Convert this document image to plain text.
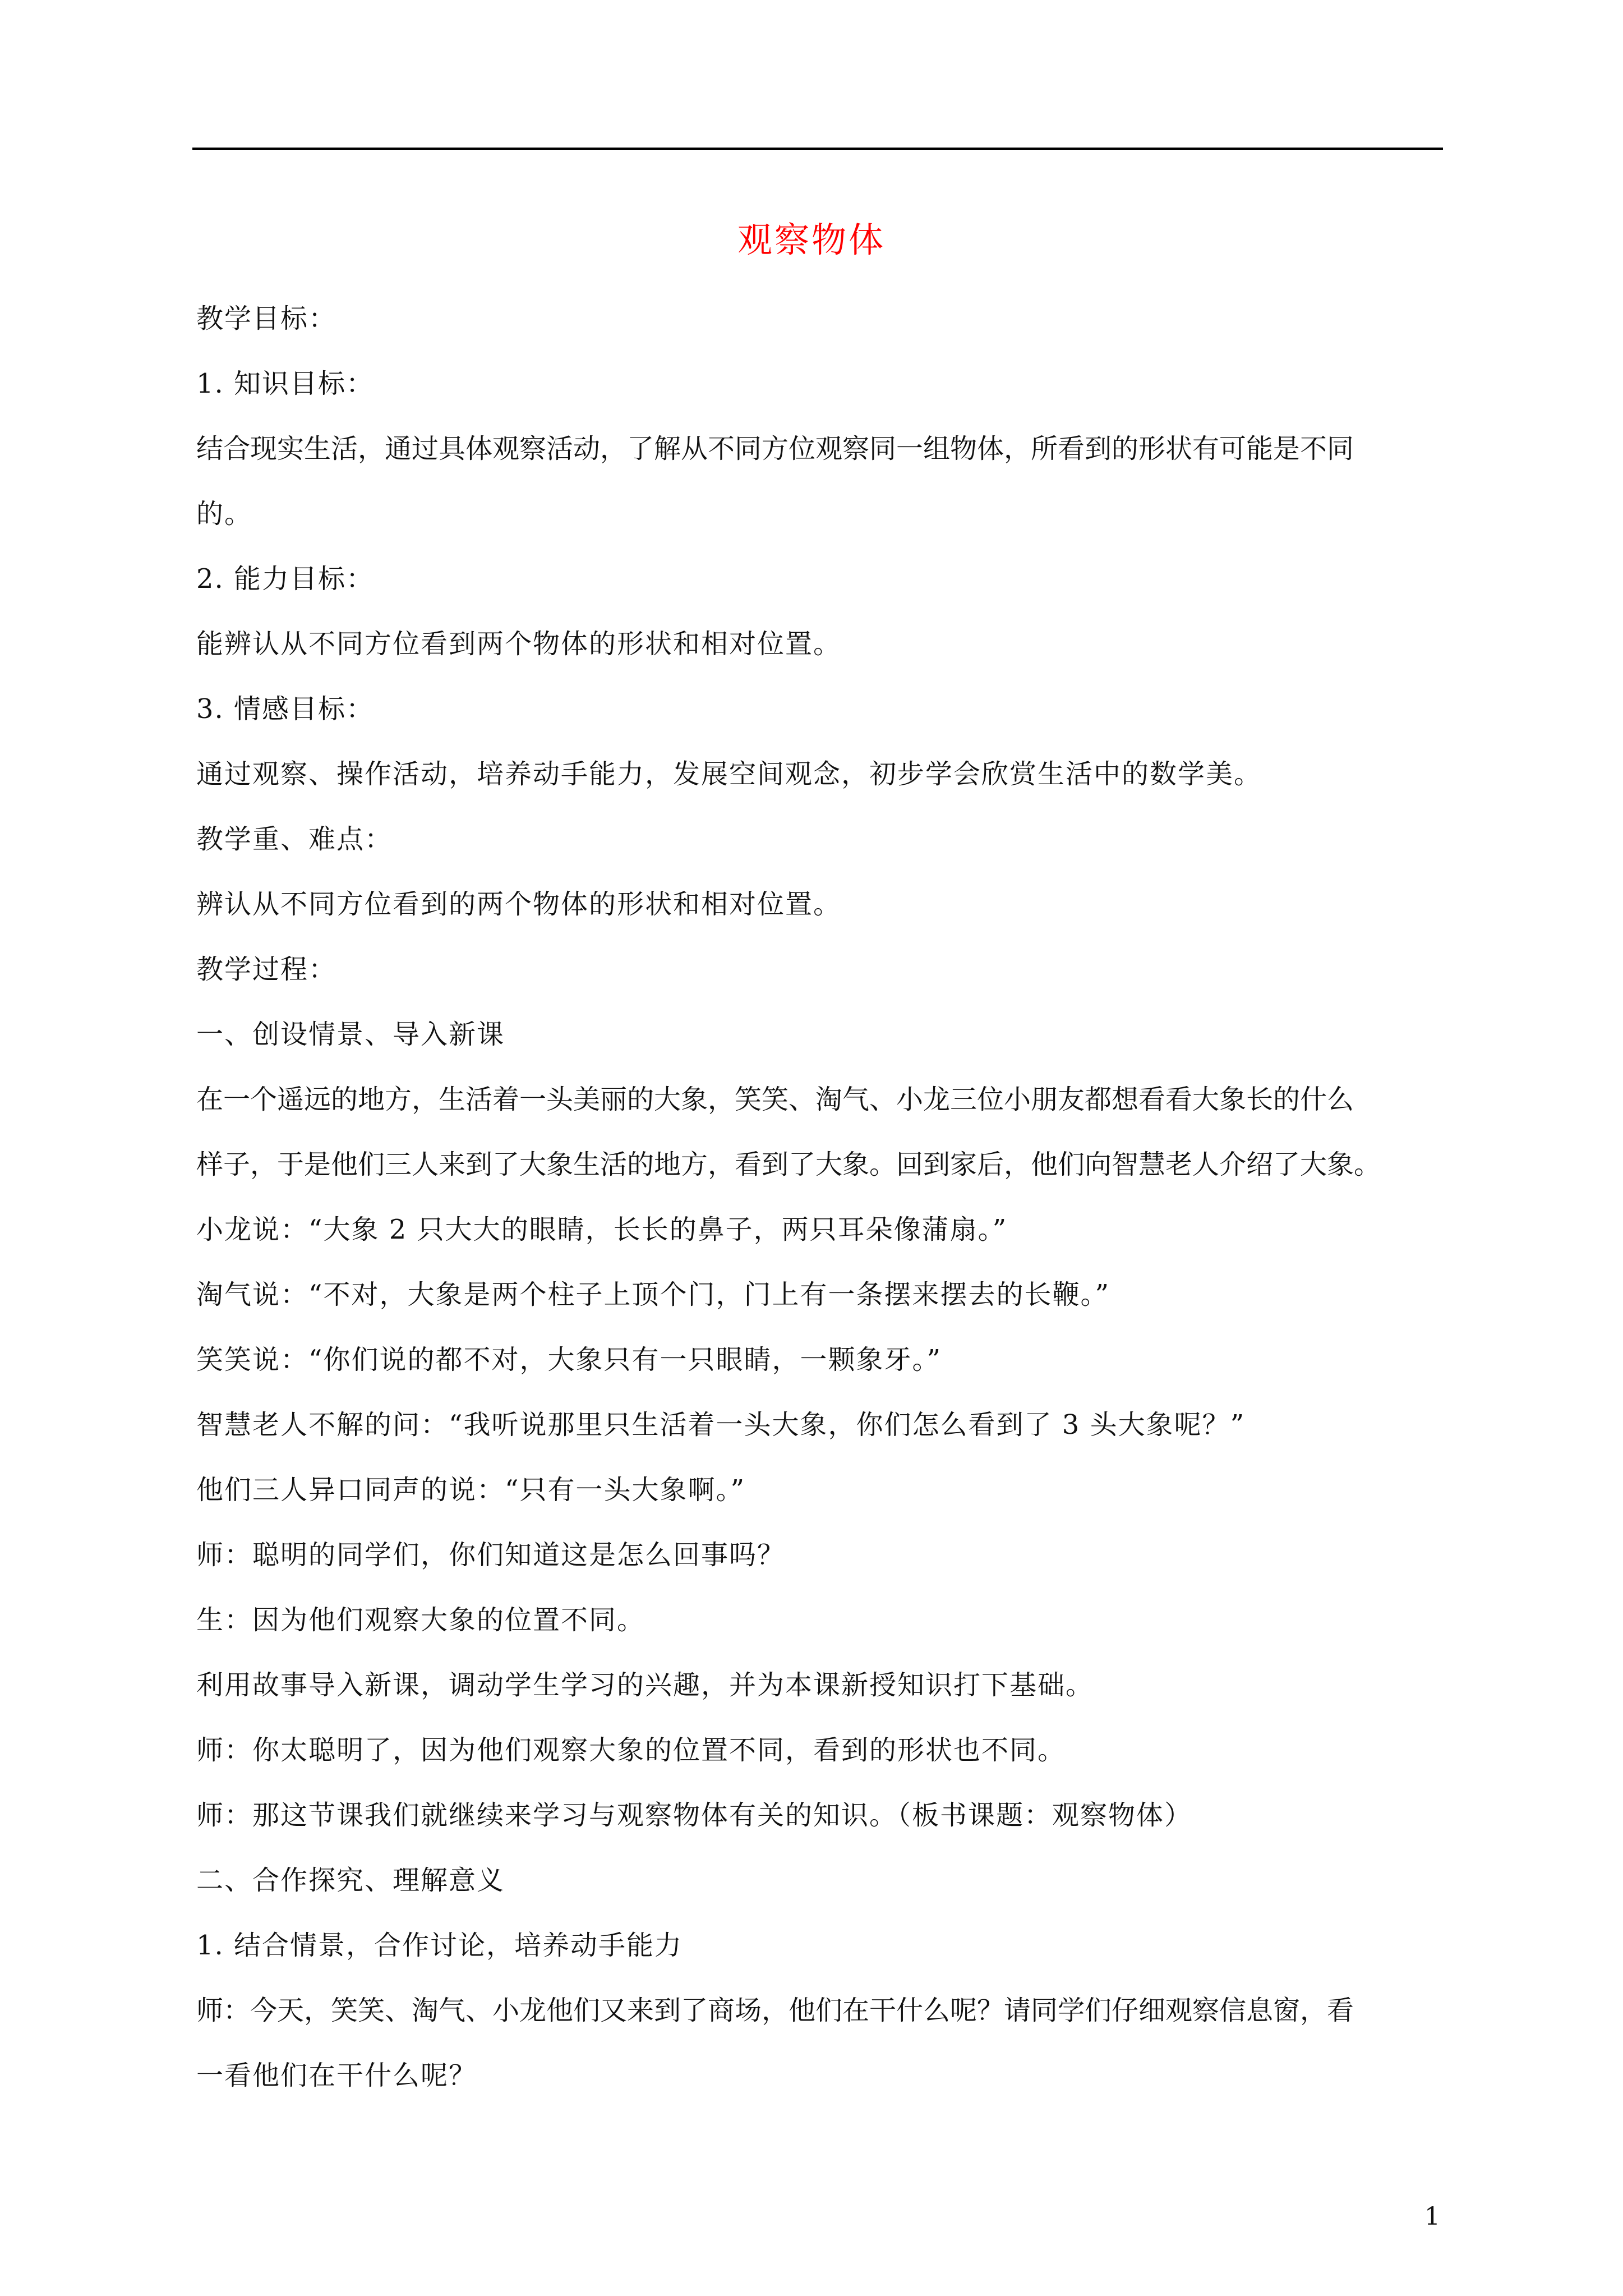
观察物体
教学目标：
1. 知识目标：
结合现实生活，通过具体观察活动，了解从不同方位观察同一组物体，所看到的形状有可能是不同
的。
2. 能力目标：
能辨认从不同方位看到两个物体的形状和相对位置。
3. 情感目标：
通过观察、操作活动，培养动手能力，发展空间观念，初步学会欣赏生活中的数学美。
教学重、难点：
辨认从不同方位看到的两个物体的形状和相对位置。
教学过程：
一、创设情景、导入新课
在一个遥远的地方，生活着一头美丽的大象，笑笑、淘气、小龙三位小朋友都想看看大象长的什么
样子，于是他们三人来到了大象生活的地方，看到了大象。回到家后，他们向智慧老人介绍了大象。
小龙说：“大象 2 只大大的眼睛，长长的鼻子，两只耳朵像蒲扇。”
淘气说：“不对，大象是两个柱子上顶个门，门上有一条摆来摆去的长鞭。”
笑笑说：“你们说的都不对，大象只有一只眼睛，一颗象牙。”
智慧老人不解的问：“我听说那里只生活着一头大象，你们怎么看到了 3 头大象呢？”
他们三人异口同声的说：“只有一头大象啊。”
师：聪明的同学们，你们知道这是怎么回事吗？
生：因为他们观察大象的位置不同。
利用故事导入新课，调动学生学习的兴趣，并为本课新授知识打下基础。
师：你太聪明了，因为他们观察大象的位置不同，看到的形状也不同。
师：那这节课我们就继续来学习与观察物体有关的知识。（板书课题：观察物体）
二、合作探究、理解意义
1. 结合情景，合作讨论，培养动手能力
师：今天，笑笑、淘气、小龙他们又来到了商场，他们在干什么呢？请同学们仔细观察信息窗，看
一看他们在干什么呢？
1
